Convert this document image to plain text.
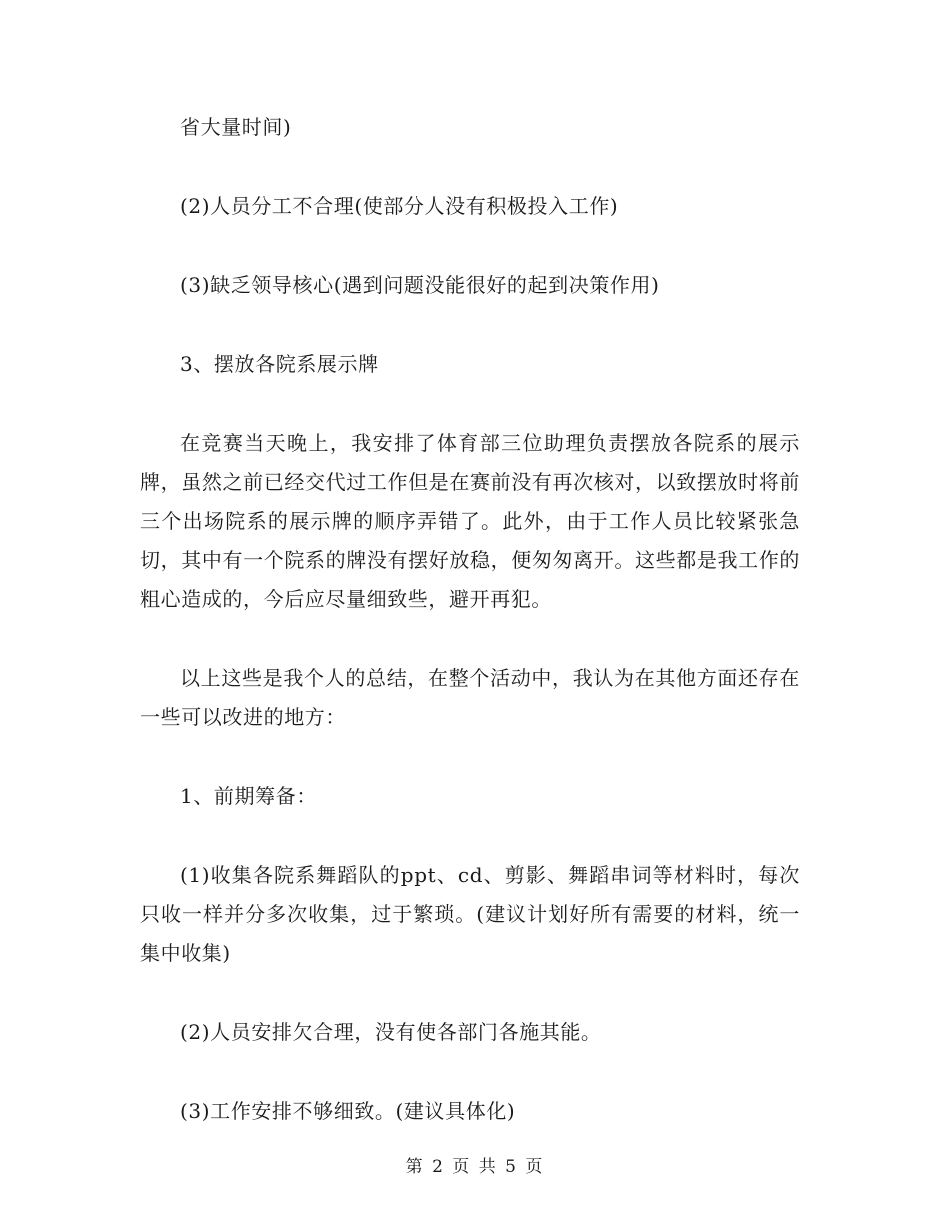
省大量时间)

(2)人员分工不合理(使部分人没有积极投入工作)

(3)缺乏领导核心(遇到问题没能很好的起到决策作用)

3、摆放各院系展示牌

在竞赛当天晚上，我安排了体育部三位助理负责摆放各院系的展示牌，虽然之前已经交代过工作但是在赛前没有再次核对，以致摆放时将前三个出场院系的展示牌的顺序弄错了。此外，由于工作人员比较紧张急切，其中有一个院系的牌没有摆好放稳，便匆匆离开。这些都是我工作的粗心造成的，今后应尽量细致些，避开再犯。

以上这些是我个人的总结，在整个活动中，我认为在其他方面还存在一些可以改进的地方：

1、前期筹备：

(1)收集各院系舞蹈队的ppt、cd、剪影、舞蹈串词等材料时，每次只收一样并分多次收集，过于繁琐。(建议计划好所有需要的材料，统一集中收集)

(2)人员安排欠合理，没有使各部门各施其能。

(3)工作安排不够细致。(建议具体化)

第 2 页 共 5 页
